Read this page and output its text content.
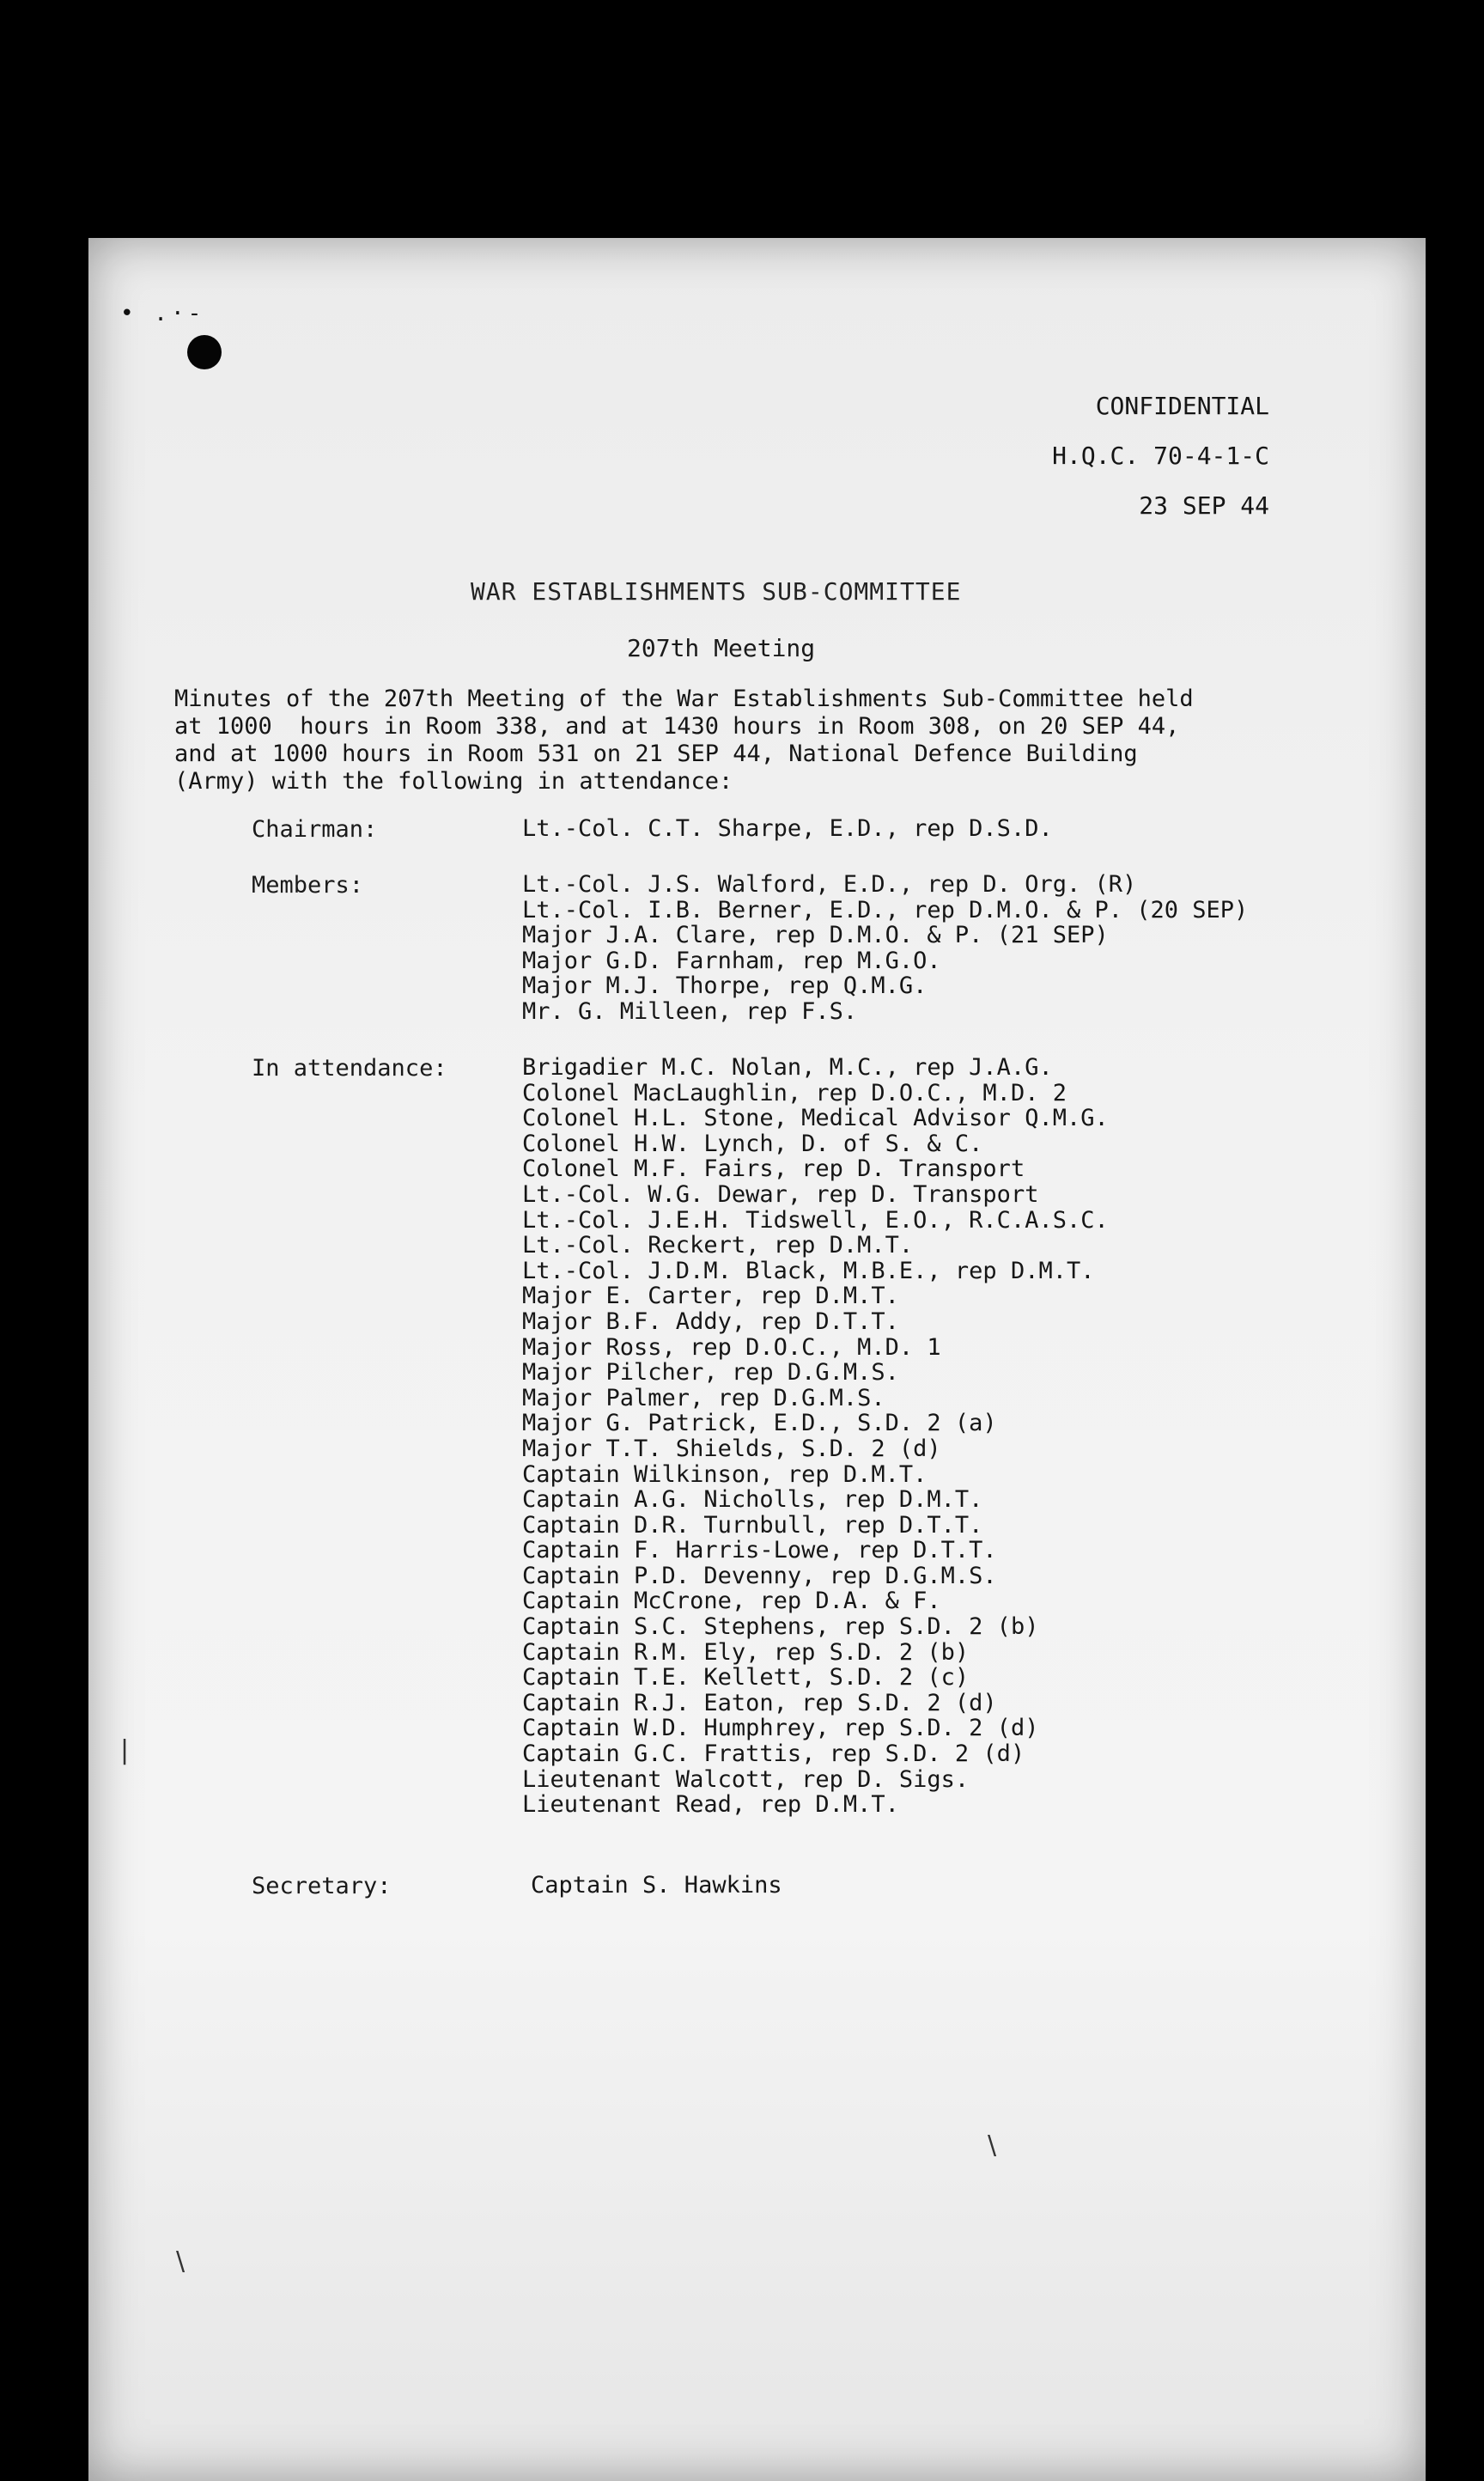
• .·-
CONFIDENTIAL
H.Q.C. 70-4-1-C
23 SEP 44
WAR ESTABLISHMENTS SUB-COMMITTEE
207th Meeting
Minutes of the 207th Meeting of the War Establishments Sub-Committee held
at 1000  hours in Room 338, and at 1430 hours in Room 308, on 20 SEP 44,
and at 1000 hours in Room 531 on 21 SEP 44, National Defence Building
(Army) with the following in attendance:
Chairman:	Lt.-Col. C.T. Sharpe, E.D., rep D.S.D.
Members:	Lt.-Col. J.S. Walford, E.D., rep D. Org. (R)
Lt.-Col. I.B. Berner, E.D., rep D.M.O. & P. (20 SEP)
Major J.A. Clare, rep D.M.O. & P. (21 SEP)
Major G.D. Farnham, rep M.G.O.
Major M.J. Thorpe, rep Q.M.G.
Mr. G. Milleen, rep F.S.
In attendance:	Brigadier M.C. Nolan, M.C., rep J.A.G.
Colonel MacLaughlin, rep D.O.C., M.D. 2
Colonel H.L. Stone, Medical Advisor Q.M.G.
Colonel H.W. Lynch, D. of S. & C.
Colonel M.F. Fairs, rep D. Transport
Lt.-Col. W.G. Dewar, rep D. Transport
Lt.-Col. J.E.H. Tidswell, E.O., R.C.A.S.C.
Lt.-Col. Reckert, rep D.M.T.
Lt.-Col. J.D.M. Black, M.B.E., rep D.M.T.
Major E. Carter, rep D.M.T.
Major B.F. Addy, rep D.T.T.
Major Ross, rep D.O.C., M.D. 1
Major Pilcher, rep D.G.M.S.
Major Palmer, rep D.G.M.S.
Major G. Patrick, E.D., S.D. 2 (a)
Major T.T. Shields, S.D. 2 (d)
Captain Wilkinson, rep D.M.T.
Captain A.G. Nicholls, rep D.M.T.
Captain D.R. Turnbull, rep D.T.T.
Captain F. Harris-Lowe, rep D.T.T.
Captain P.D. Devenny, rep D.G.M.S.
Captain McCrone, rep D.A. & F.
Captain S.C. Stephens, rep S.D. 2 (b)
Captain R.M. Ely, rep S.D. 2 (b)
Captain T.E. Kellett, S.D. 2 (c)
Captain R.J. Eaton, rep S.D. 2 (d)
Captain W.D. Humphrey, rep S.D. 2 (d)
Captain G.C. Frattis, rep S.D. 2 (d)
Lieutenant Walcott, rep D. Sigs.
Lieutenant Read, rep D.M.T.
Secretary:	Captain S. Hawkins
|
\
\
